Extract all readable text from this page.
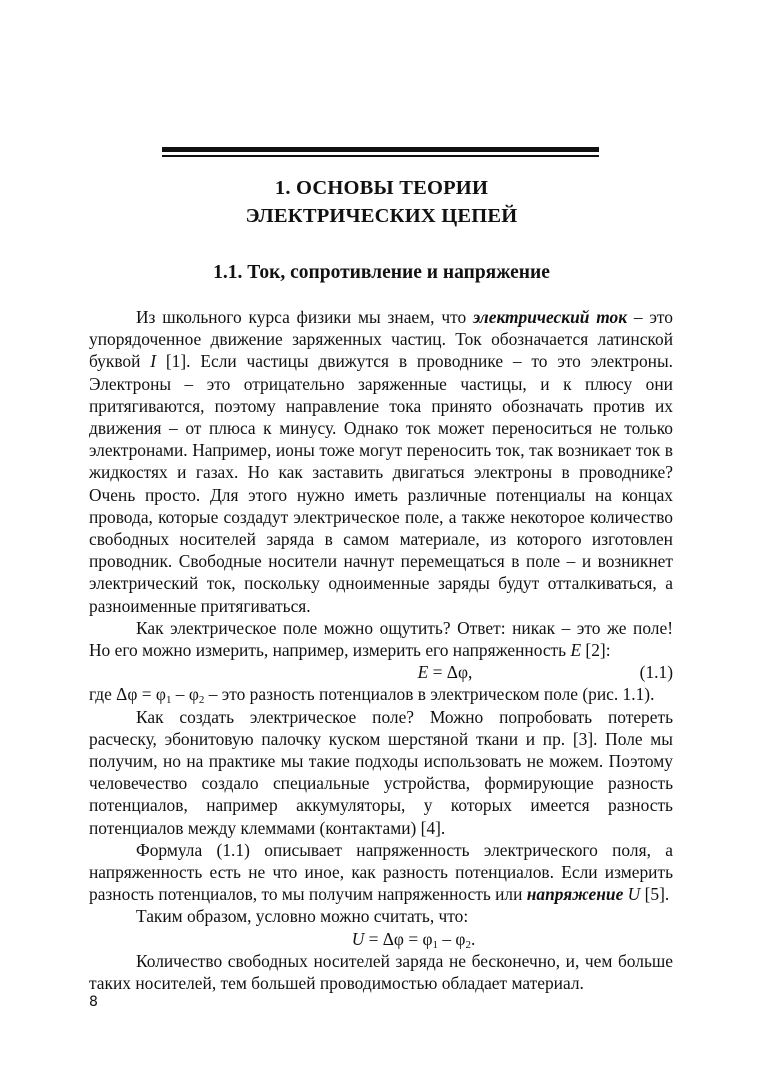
1. ОСНОВЫ ТЕОРИИ
ЭЛЕКТРИЧЕСКИХ ЦЕПЕЙ
1.1. Ток, сопротивление и напряжение

Из школьного курса физики мы знаем, что электрический ток – это упорядоченное движение заряженных частиц. Ток обозначается латинской буквой I [1]. Если частицы движутся в проводнике – то это электроны. Электроны – это отрицательно заряженные частицы, и к плюсу они притягиваются, поэтому направление тока принято обозначать против их движения – от плюса к минусу. Однако ток может переноситься не только электронами. Например, ионы тоже могут переносить ток, так возникает ток в жидкостях и газах. Но как заставить двигаться электроны в проводнике? Очень просто. Для этого нужно иметь различные потенциалы на концах провода, которые создадут электрическое поле, а также некоторое количество свободных носителей заряда в самом материале, из которого изготовлен проводник. Свободные носители начнут перемещаться в поле – и возникнет электрический ток, поскольку одноименные заряды будут отталкиваться, а разноименные притягиваться.

Как электрическое поле можно ощутить? Ответ: никак – это же поле! Но его можно измерить, например, измерить его напряженность E [2]:

E = Δφ,	(1.1)

где $\Delta\varphi = \varphi_1 - \varphi_2$ – это разность потенциалов в электрическом поле (рис. 1.1).

Как создать электрическое поле? Можно попробовать потереть расческу, эбонитовую палочку куском шерстяной ткани и пр. [3]. Поле мы получим, но на практике мы такие подходы использовать не можем. Поэтому человечество создало специальные устройства, формирующие разность потенциалов, например аккумуляторы, у которых имеется разность потенциалов между клеммами (контактами) [4].

Формула (1.1) описывает напряженность электрического поля, а напряженность есть не что иное, как разность потенциалов. Если измерить разность потенциалов, то мы получим напряженность или напряжение U [5].

Таким образом, условно можно считать, что:

$U = \Delta\varphi = \varphi_1 - \varphi_2$.

Количество свободных носителей заряда не бесконечно, и, чем больше таких носителей, тем большей проводимостью обладает материал.

8
